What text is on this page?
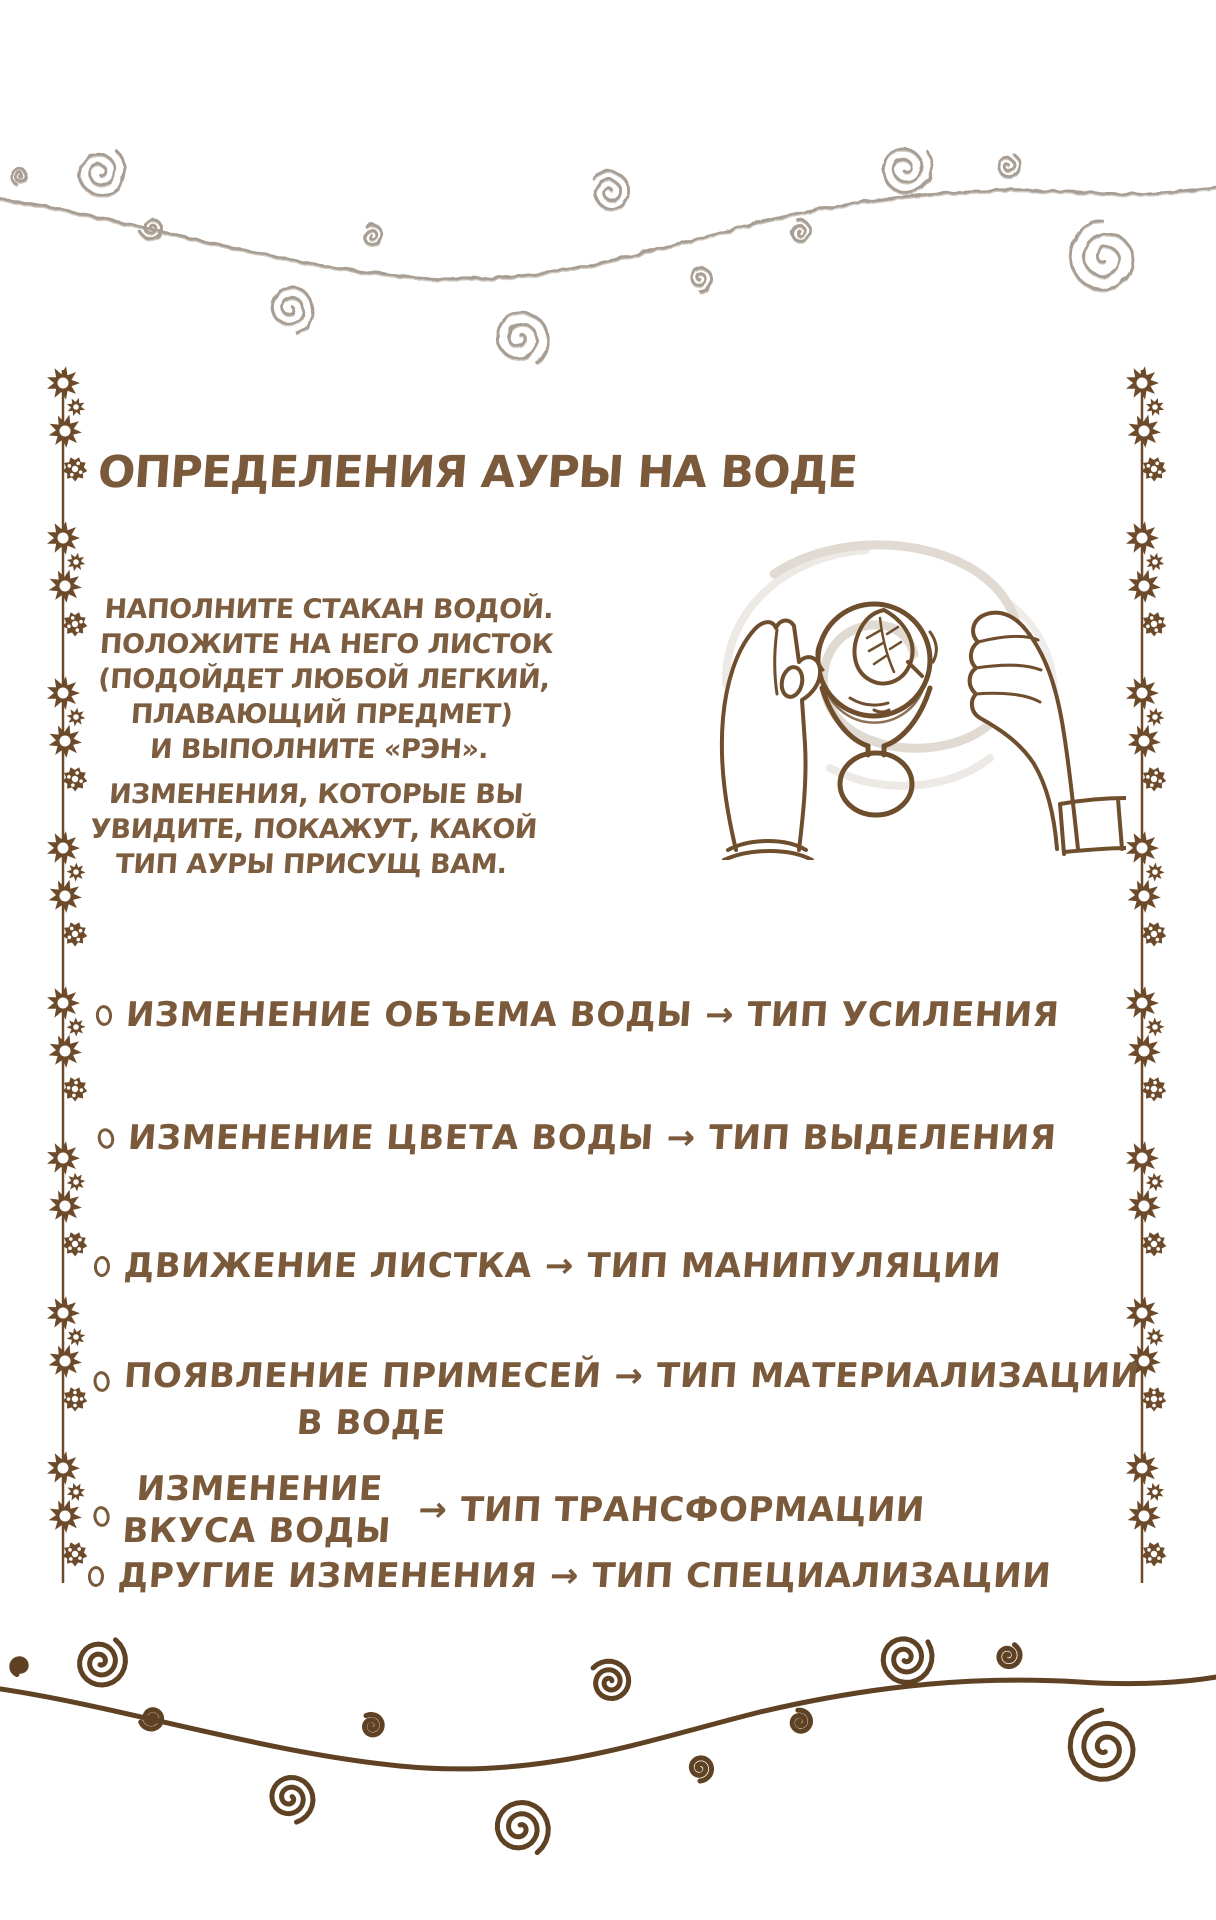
ОПРЕДЕЛЕНИЯ АУРЫ НА ВОДЕ
НАПОЛНИТЕ СТАКАН ВОДОЙ.
ПОЛОЖИТЕ НА НЕГО ЛИСТОК
(ПОДОЙДЕТ ЛЮБОЙ ЛЕГКИЙ,
ПЛАВАЮЩИЙ ПРЕДМЕТ)
И ВЫПОЛНИТЕ «РЭН».
ИЗМЕНЕНИЯ, КОТОРЫЕ ВЫ
УВИДИТЕ, ПОКАЖУТ, КАКОЙ
ТИП АУРЫ ПРИСУЩ ВАМ.
ИЗМЕНЕНИЕ ОБЪЕМА ВОДЫ → ТИП УСИЛЕНИЯ
ИЗМЕНЕНИЕ ЦВЕТА ВОДЫ → ТИП ВЫДЕЛЕНИЯ
ДВИЖЕНИЕ ЛИСТКА → ТИП МАНИПУЛЯЦИИ
ПОЯВЛЕНИЕ ПРИМЕСЕЙ → ТИП МАТЕРИАЛИЗАЦИИ
В ВОДЕ
ИЗМЕНЕНИЕ
ВКУСА ВОДЫ
→ ТИП ТРАНСФОРМАЦИИ
ДРУГИЕ ИЗМЕНЕНИЯ → ТИП СПЕЦИАЛИЗАЦИИ
